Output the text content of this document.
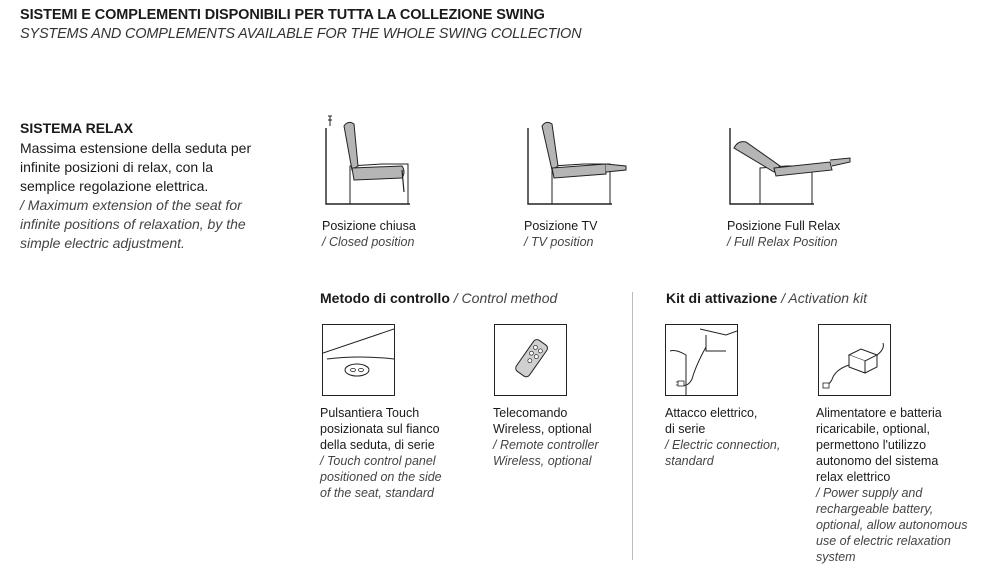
SISTEMI E COMPLEMENTI DISPONIBILI PER TUTTA LA COLLEZIONE SWING
SYSTEMS AND COMPLEMENTS AVAILABLE FOR THE WHOLE SWING COLLECTION
SISTEMA RELAX
Massima estensione della seduta per infinite posizioni di relax, con la semplice regolazione elettrica.
/ Maximum extension of the seat for infinite positions of relaxation, by the simple electric adjustment.
Posizione chiusa
/ Closed position
Posizione TV
/ TV position
Posizione Full Relax
/ Full Relax Position
Metodo di controllo / Control method	Kit di attivazione / Activation kit
Pulsantiera Touch
posizionata sul fianco
della seduta, di serie
/ Touch control panel
positioned on the side
of the seat, standard
Telecomando
Wireless, optional
/ Remote controller
Wireless, optional
Attacco elettrico,
di serie
/ Electric connection,
standard
Alimentatore e batteria
ricaricabile, optional,
permettono l'utilizzo
autonomo del sistema
relax elettrico
/ Power supply and
rechargeable battery,
optional, allow autonomous
use of electric relaxation
system
